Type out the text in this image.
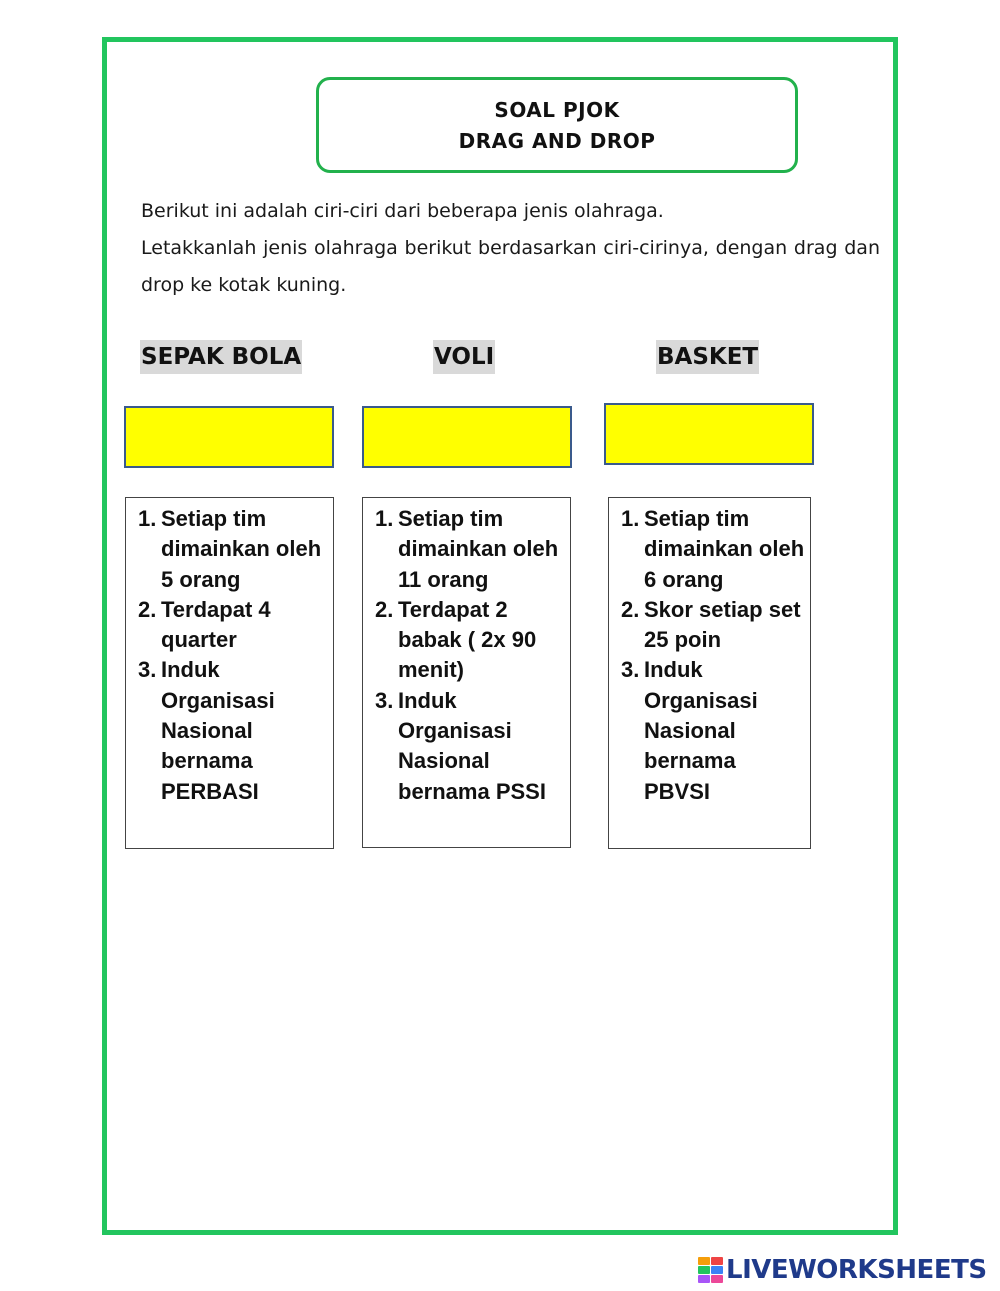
SOAL PJOK
DRAG AND DROP

Berikut ini adalah ciri-ciri dari beberapa jenis olahraga.

Letakkanlah jenis olahraga berikut berdasarkan ciri-cirinya, dengan drag dan drop ke kotak kuning.

SEPAK BOLA	VOLI	BASKET
1. Setiap tim dimainkan oleh 5 orang
2. Terdapat 4 quarter
3. Induk Organisasi Nasional bernama PERBASI
1. Setiap tim dimainkan oleh 11 orang
2. Terdapat 2 babak ( 2x 90 menit)
3. Induk Organisasi Nasional bernama PSSI
1. Setiap tim dimainkan oleh 6 orang
2. Skor setiap set 25 poin
3. Induk Organisasi Nasional bernama PBVSI
LIVEWORKSHEETS
